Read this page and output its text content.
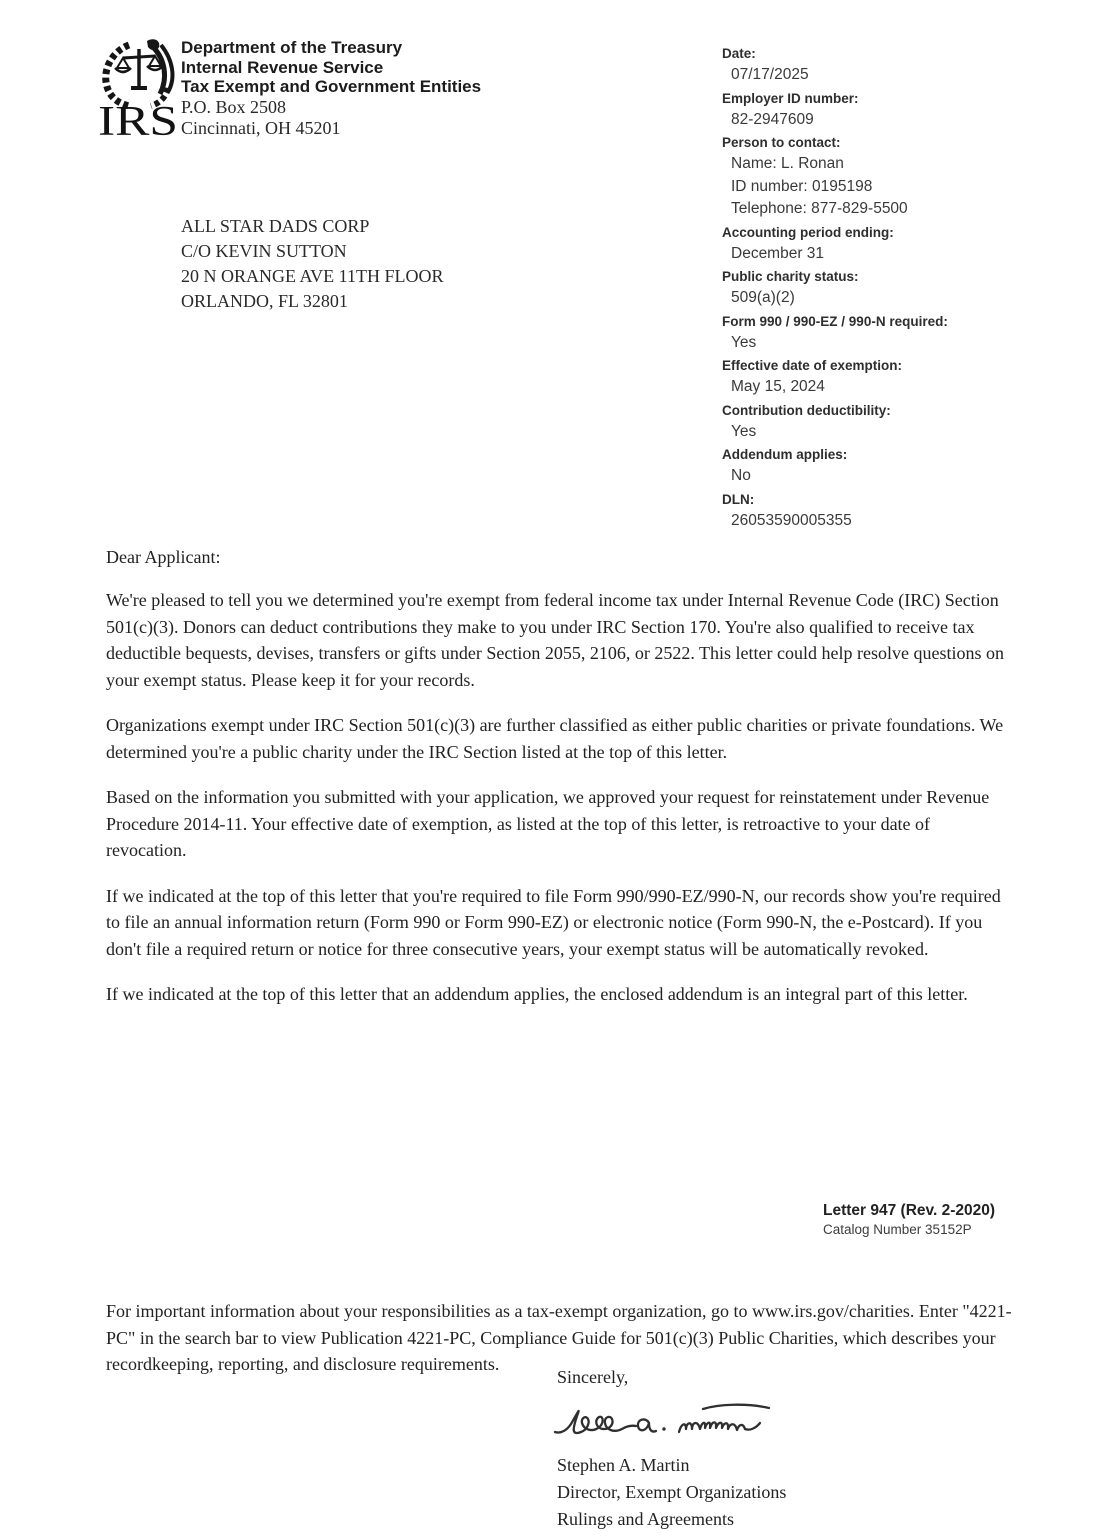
IRS
Department of the Treasury
Internal Revenue Service
Tax Exempt and Government Entities
P.O. Box 2508
Cincinnati, OH 45201
Date:
07/17/2025
Employer ID number:
82-2947609
Person to contact:
Name: L. Ronan
ID number: 0195198
Telephone: 877-829-5500
Accounting period ending:
December 31
Public charity status:
509(a)(2)
Form 990 / 990-EZ / 990-N required:
Yes
Effective date of exemption:
May 15, 2024
Contribution deductibility:
Yes
Addendum applies:
No
DLN:
26053590005355
ALL STAR DADS CORP
C/O KEVIN SUTTON
20 N ORANGE AVE 11TH FLOOR
ORLANDO, FL 32801

Dear Applicant:

We're pleased to tell you we determined you're exempt from federal income tax under Internal Revenue Code (IRC) Section 501(c)(3). Donors can deduct contributions they make to you under IRC Section 170. You're also qualified to receive tax deductible bequests, devises, transfers or gifts under Section 2055, 2106, or 2522. This letter could help resolve questions on your exempt status. Please keep it for your records.

Organizations exempt under IRC Section 501(c)(3) are further classified as either public charities or private foundations. We determined you're a public charity under the IRC Section listed at the top of this letter.

Based on the information you submitted with your application, we approved your request for reinstatement under Revenue Procedure 2014-11. Your effective date of exemption, as listed at the top of this letter, is retroactive to your date of revocation.

If we indicated at the top of this letter that you're required to file Form 990/990-EZ/990-N, our records show you're required to file an annual information return (Form 990 or Form 990-EZ) or electronic notice (Form 990-N, the e-Postcard). If you don't file a required return or notice for three consecutive years, your exempt status will be automatically revoked.

If we indicated at the top of this letter that an addendum applies, the enclosed addendum is an integral part of this letter.

Letter 947 (Rev. 2-2020)
Catalog Number 35152P

For important information about your responsibilities as a tax-exempt organization, go to www.irs.gov/charities. Enter "4221-PC" in the search bar to view Publication 4221-PC, Compliance Guide for 501(c)(3) Public Charities, which describes your recordkeeping, reporting, and disclosure requirements.

Sincerely,

Stephen A. Martin
Director, Exempt Organizations
Rulings and Agreements
